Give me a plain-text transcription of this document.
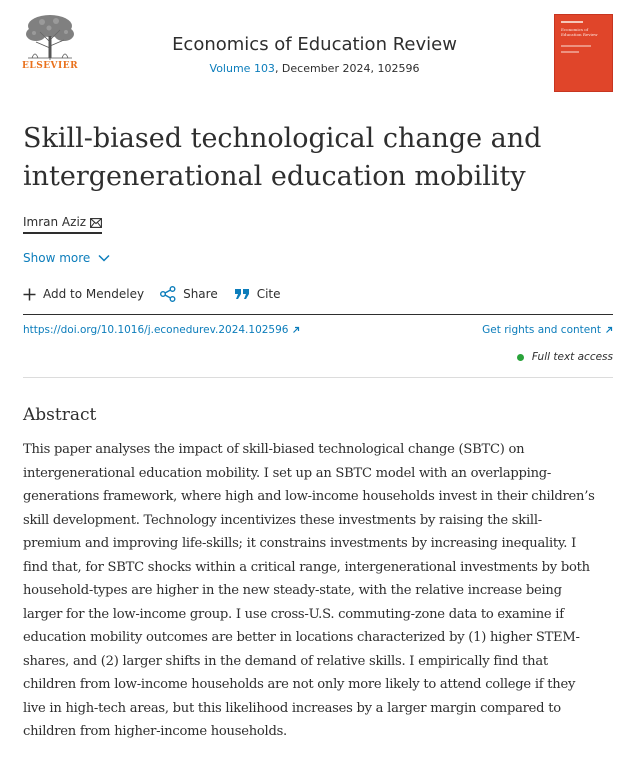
ELSEVIER
Economics of Education Review
Volume 103, December 2024, 102596
Economics of Education Review
Skill-biased technological change and
intergenerational education mobility
Imran Aziz
Show more
Add to Mendeley	Share	Cite
https://doi.org/10.1016/j.econedurev.2024.102596	Get rights and content
Full text access
Abstract

This paper analyses the impact of skill-biased technological change (SBTC) on
intergenerational education mobility. I set up an SBTC model with an overlapping-
generations framework, where high and low-income households invest in their children’s
skill development. Technology incentivizes these investments by raising the skill-
premium and improving life-skills; it constrains investments by increasing inequality. I
find that, for SBTC shocks within a critical range, intergenerational investments by both
household-types are higher in the new steady-state, with the relative increase being
larger for the low-income group. I use cross-U.S. commuting-zone data to examine if
education mobility outcomes are better in locations characterized by (1) higher STEM-
shares, and (2) larger shifts in the demand of relative skills. I empirically find that
children from low-income households are not only more likely to attend college if they
live in high-tech areas, but this likelihood increases by a larger margin compared to
children from higher-income households.
